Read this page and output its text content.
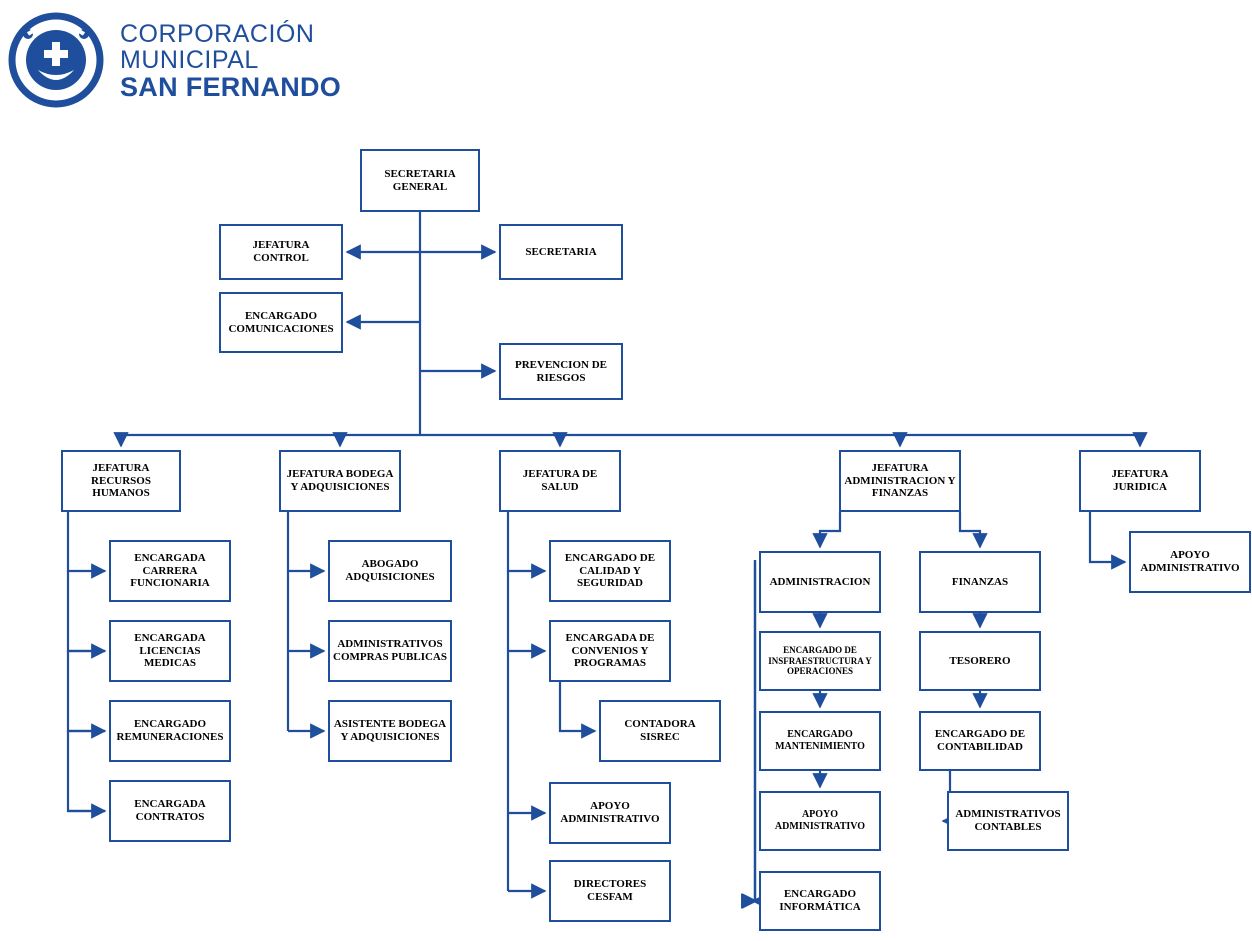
CORPORACIÓN
MUNICIPAL
SAN FERNANDO
SECRETARIA GENERAL
JEFATURA CONTROL
SECRETARIA
ENCARGADO COMUNICACIONES
PREVENCION DE RIESGOS
JEFATURA RECURSOS HUMANOS
JEFATURA BODEGA Y ADQUISICIONES
JEFATURA DE SALUD
JEFATURA ADMINISTRACION Y FINANZAS
JEFATURA JURIDICA
ENCARGADA CARRERA FUNCIONARIA
ENCARGADA LICENCIAS MEDICAS
ENCARGADO REMUNERACIONES
ENCARGADA CONTRATOS
ABOGADO ADQUISICIONES
ADMINISTRATIVOS COMPRAS PUBLICAS
ASISTENTE BODEGA Y ADQUISICIONES
ENCARGADO DE CALIDAD Y SEGURIDAD
ENCARGADA DE CONVENIOS Y PROGRAMAS
CONTADORA SISREC
APOYO ADMINISTRATIVO
DIRECTORES CESFAM
ADMINISTRACION
ENCARGADO DE INSFRAESTRUCTURA Y OPERACIONES
ENCARGADO MANTENIMIENTO
APOYO ADMINISTRATIVO
ENCARGADO INFORMÁTICA
FINANZAS
TESORERO
ENCARGADO DE CONTABILIDAD
ADMINISTRATIVOS CONTABLES
APOYO ADMINISTRATIVO
